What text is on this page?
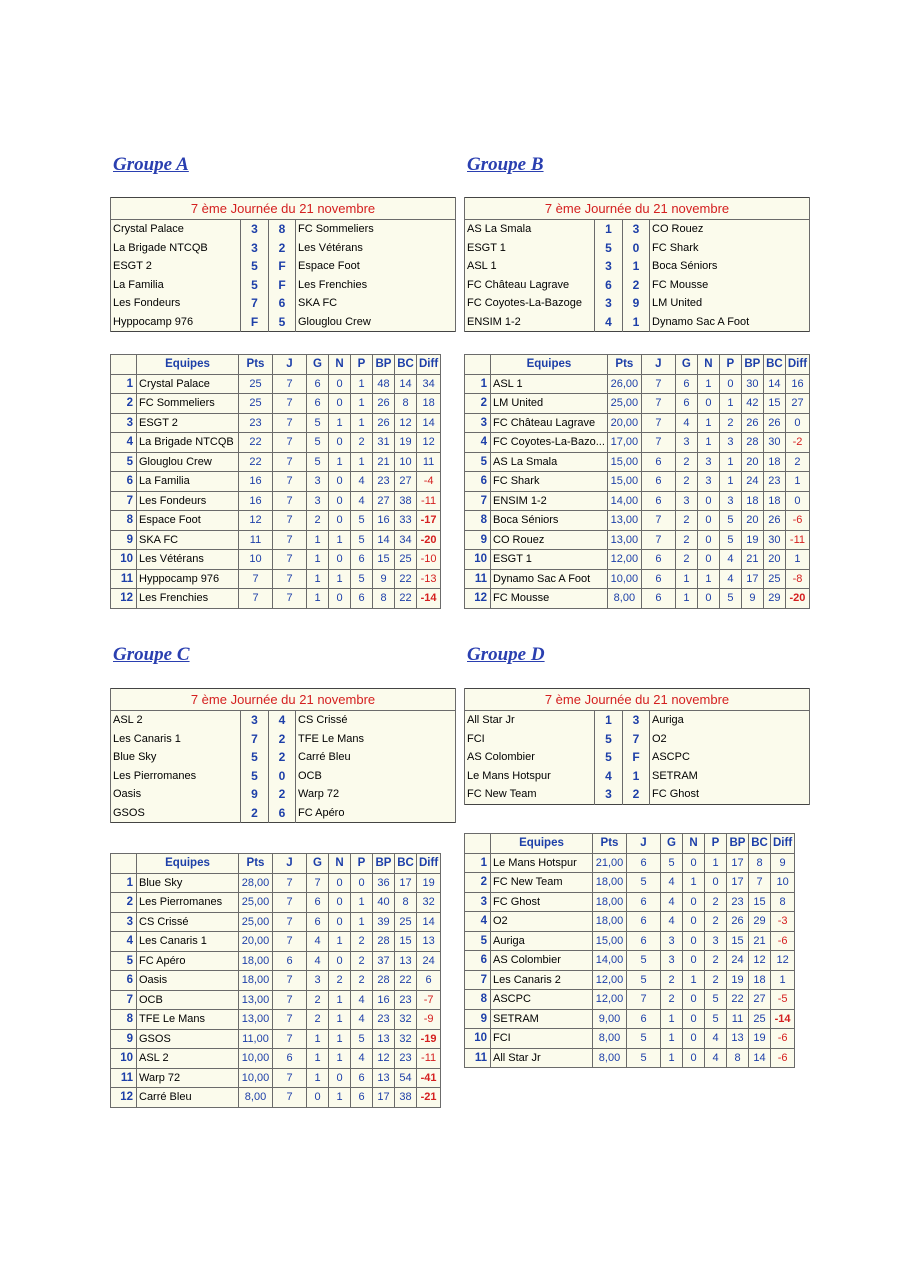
Groupe A
7 ème Journée du 21 novembre			
Crystal Palace	3	8	FC Sommeliers
La Brigade NTCQB	3	2	Les Vétérans
ESGT 2	5	F	Espace Foot
La Familia	5	F	Les Frenchies
Les Fondeurs	7	6	SKA FC
Hyppocamp 976	F	5	Glouglou Crew
	Equipes	Pts	J	G	N	P	BP	BC	Diff
1	Crystal Palace	25	7	6	0	1	48	14	34
2	FC Sommeliers	25	7	6	0	1	26	8	18
3	ESGT 2	23	7	5	1	1	26	12	14
4	La Brigade NTCQB	22	7	5	0	2	31	19	12
5	Glouglou Crew	22	7	5	1	1	21	10	11
6	La Familia	16	7	3	0	4	23	27	-4
7	Les Fondeurs	16	7	3	0	4	27	38	-11
8	Espace Foot	12	7	2	0	5	16	33	-17
9	SKA FC	11	7	1	1	5	14	34	-20
10	Les Vétérans	10	7	1	0	6	15	25	-10
11	Hyppocamp 976	7	7	1	1	5	9	22	-13
12	Les Frenchies	7	7	1	0	6	8	22	-14
Groupe B
7 ème Journée du 21 novembre			
AS La Smala	1	3	CO Rouez
ESGT 1	5	0	FC Shark
ASL 1	3	1	Boca Séniors
FC Château Lagrave	6	2	FC Mousse
FC Coyotes-La-Bazoge	3	9	LM United
ENSIM 1-2	4	1	Dynamo Sac A Foot
	Equipes	Pts	J	G	N	P	BP	BC	Diff
1	ASL 1	26,00	7	6	1	0	30	14	16
2	LM United	25,00	7	6	0	1	42	15	27
3	FC Château Lagrave	20,00	7	4	1	2	26	26	0
4	FC Coyotes-La-Bazo...	17,00	7	3	1	3	28	30	-2
5	AS La Smala	15,00	6	2	3	1	20	18	2
6	FC Shark	15,00	6	2	3	1	24	23	1
7	ENSIM 1-2	14,00	6	3	0	3	18	18	0
8	Boca Séniors	13,00	7	2	0	5	20	26	-6
9	CO Rouez	13,00	7	2	0	5	19	30	-11
10	ESGT 1	12,00	6	2	0	4	21	20	1
11	Dynamo Sac A Foot	10,00	6	1	1	4	17	25	-8
12	FC Mousse	8,00	6	1	0	5	9	29	-20
Groupe C
7 ème Journée du 21 novembre			
ASL 2	3	4	CS Crissé
Les Canaris 1	7	2	TFE Le Mans
Blue Sky	5	2	Carré Bleu
Les Pierromanes	5	0	OCB
Oasis	9	2	Warp 72
GSOS	2	6	FC Apéro
	Equipes	Pts	J	G	N	P	BP	BC	Diff
1	Blue Sky	28,00	7	7	0	0	36	17	19
2	Les Pierromanes	25,00	7	6	0	1	40	8	32
3	CS Crissé	25,00	7	6	0	1	39	25	14
4	Les Canaris 1	20,00	7	4	1	2	28	15	13
5	FC Apéro	18,00	6	4	0	2	37	13	24
6	Oasis	18,00	7	3	2	2	28	22	6
7	OCB	13,00	7	2	1	4	16	23	-7
8	TFE Le Mans	13,00	7	2	1	4	23	32	-9
9	GSOS	11,00	7	1	1	5	13	32	-19
10	ASL 2	10,00	6	1	1	4	12	23	-11
11	Warp 72	10,00	7	1	0	6	13	54	-41
12	Carré Bleu	8,00	7	0	1	6	17	38	-21
Groupe D
7 ème Journée du 21 novembre			
All Star Jr	1	3	Auriga
FCI	5	7	O2
AS Colombier	5	F	ASCPC
Le Mans Hotspur	4	1	SETRAM
FC New Team	3	2	FC Ghost
	Equipes	Pts	J	G	N	P	BP	BC	Diff
1	Le Mans Hotspur	21,00	6	5	0	1	17	8	9
2	FC New Team	18,00	5	4	1	0	17	7	10
3	FC Ghost	18,00	6	4	0	2	23	15	8
4	O2	18,00	6	4	0	2	26	29	-3
5	Auriga	15,00	6	3	0	3	15	21	-6
6	AS Colombier	14,00	5	3	0	2	24	12	12
7	Les Canaris 2	12,00	5	2	1	2	19	18	1
8	ASCPC	12,00	7	2	0	5	22	27	-5
9	SETRAM	9,00	6	1	0	5	11	25	-14
10	FCI	8,00	5	1	0	4	13	19	-6
11	All Star Jr	8,00	5	1	0	4	8	14	-6
